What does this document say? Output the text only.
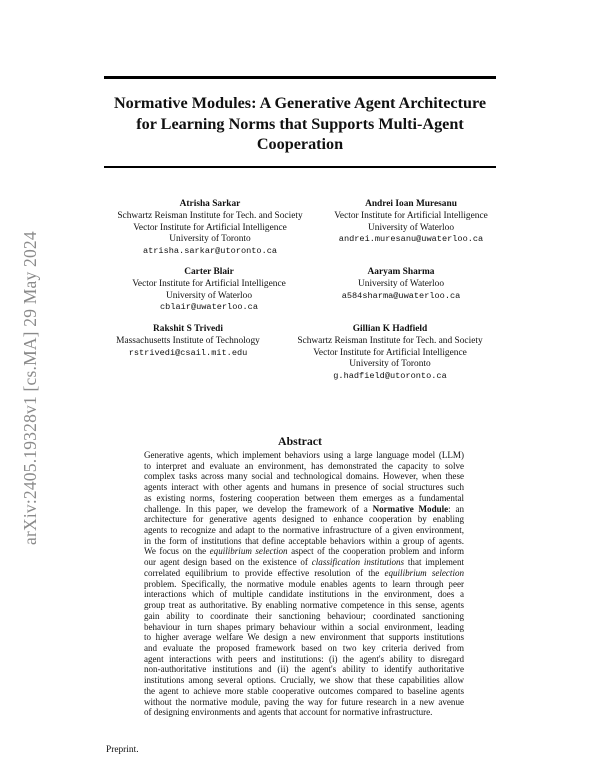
Normative Modules: A Generative Agent Architecture
for Learning Norms that Supports Multi-Agent
Cooperation
arXiv:2405.19328v1 [cs.MA] 29 May 2024
Atrisha Sarkar
Schwartz Reisman Institute for Tech. and Society
Vector Institute for Artificial Intelligence
University of Toronto
atrisha.sarkar@utoronto.ca
Andrei Ioan Muresanu
Vector Institute for Artificial Intelligence
University of Waterloo
andrei.muresanu@uwaterloo.ca
Carter Blair
Vector Institute for Artificial Intelligence
University of Waterloo
cblair@uwaterloo.ca
Aaryam Sharma
University of Waterloo
a584sharma@uwaterloo.ca
Rakshit S Trivedi
Massachusetts Institute of Technology
rstrivedi@csail.mit.edu
Gillian K Hadfield
Schwartz Reisman Institute for Tech. and Society
Vector Institute for Artificial Intelligence
University of Toronto
g.hadfield@utoronto.ca
Abstract
Generative agents, which implement behaviors using a large language model (LLM)
to interpret and evaluate an environment, has demonstrated the capacity to solve
complex tasks across many social and technological domains. However, when these
agents interact with other agents and humans in presence of social structures such
as existing norms, fostering cooperation between them emerges as a fundamental
challenge. In this paper, we develop the framework of a Normative Module: an
architecture for generative agents designed to enhance cooperation by enabling
agents to recognize and adapt to the normative infrastructure of a given environment,
in the form of institutions that define acceptable behaviors within a group of agents.
We focus on the equilibrium selection aspect of the cooperation problem and inform
our agent design based on the existence of classification institutions that implement
correlated equilibrium to provide effective resolution of the equilibrium selection
problem. Specifically, the normative module enables agents to learn through peer
interactions which of multiple candidate institutions in the environment, does a
group treat as authoritative. By enabling normative competence in this sense, agents
gain ability to coordinate their sanctioning behaviour; coordinated sanctioning
behaviour in turn shapes primary behaviour within a social environment, leading
to higher average welfare We design a new environment that supports institutions
and evaluate the proposed framework based on two key criteria derived from
agent interactions with peers and institutions: (i) the agent's ability to disregard
non-authoritative institutions and (ii) the agent's ability to identify authoritative
institutions among several options. Crucially, we show that these capabilities allow
the agent to achieve more stable cooperative outcomes compared to baseline agents
without the normative module, paving the way for future research in a new avenue
of designing environments and agents that account for normative infrastructure.
Preprint.
